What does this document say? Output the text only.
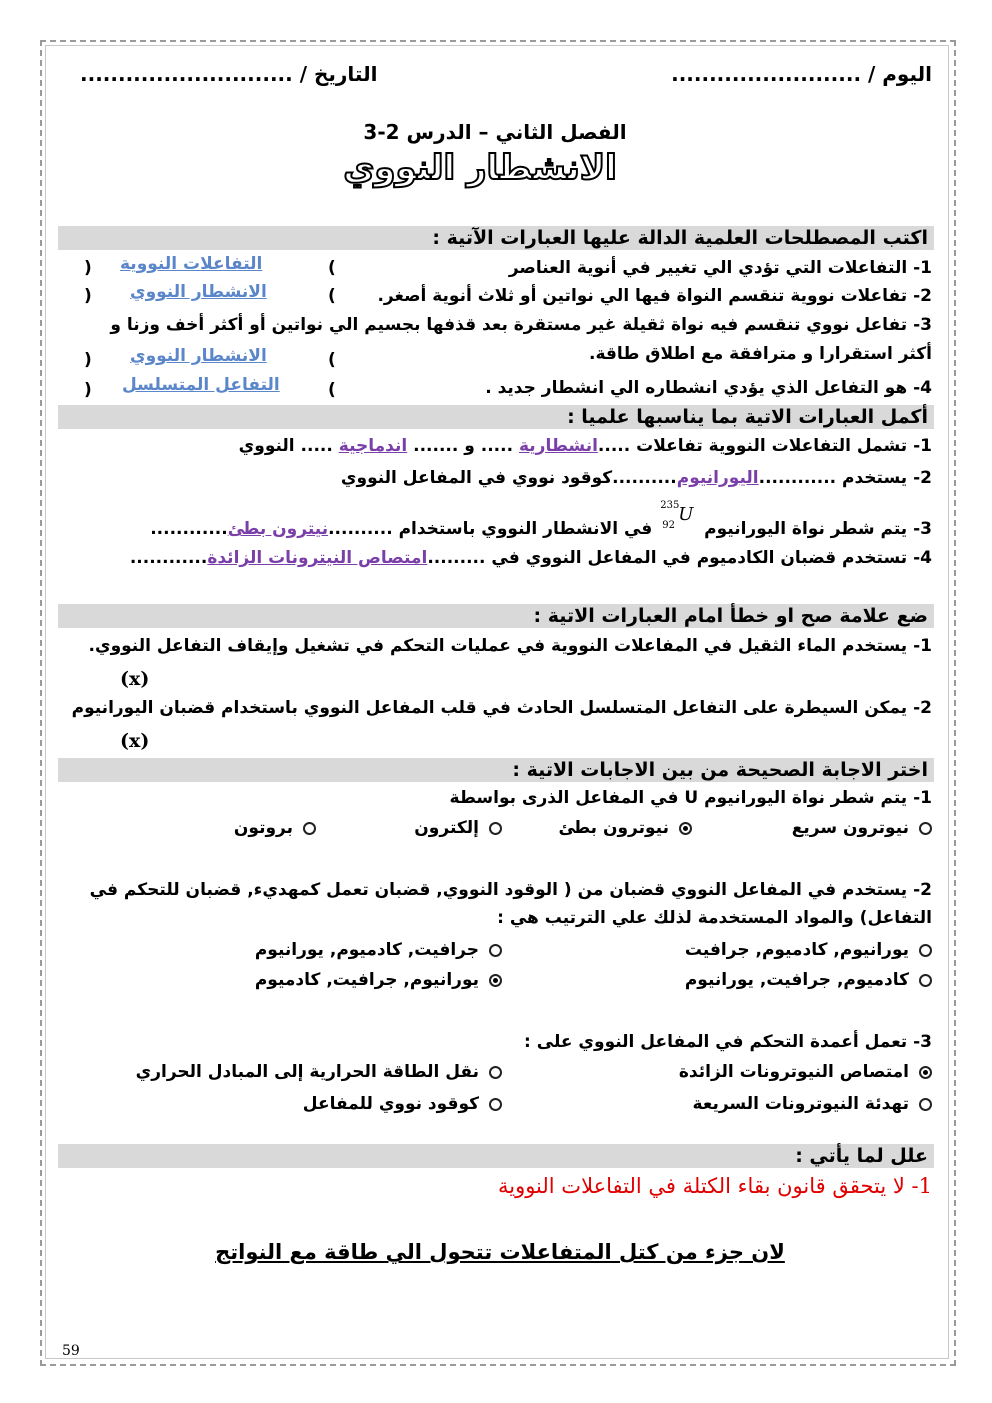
اليوم / .........................
التاريخ / ............................
الفصل الثاني – الدرس 2-3
الانشطار النووي
اكتب المصطلحات العلمية الدالة عليها العبارات الآتية :
1- التفاعلات التي تؤدي الي تغيير في أنوية العناصر
(
التفاعلات النووية
)
2- تفاعلات نووية تنقسم النواة فيها الي نواتين أو ثلاث أنوية أصغر.
(
الانشطار النووي
)
3- تفاعل نووي تنقسم فيه نواة ثقيلة غير مستقرة بعد قذفها بجسيم الي نواتين أو أكثر أخف وزنا و
أكثر استقرارا و مترافقة مع اطلاق طاقة.
(
الانشطار النووي
)
4- هو التفاعل الذي يؤدي انشطاره الي انشطار جديد .
(
التفاعل المتسلسل
)
أكمل العبارات الاتية بما يناسبها علميا :
1- تشمل التفاعلات النووية تفاعلات .....انشطارية ..... و ....... اندماجية ..... النووي
2- يستخدم ............اليورانيوم..........كوقود نووي في المفاعل النووي
3- يتم شطر نواة اليورانيوم
235
92
U
في الانشطار النووي باستخدام ..........نيترون بطئ............
4- تستخدم قضبان الكادميوم في المفاعل النووي في .........امتصاص النيترونات الزائدة............
ضع علامة صح او خطأ امام العبارات الاتية :
1- يستخدم الماء الثقيل في المفاعلات النووية في عمليات التحكم في تشغيل وإيقاف التفاعل النووي.
(x)
2- يمكن السيطرة على التفاعل المتسلسل الحادث في قلب المفاعل النووي باستخدام قضبان اليورانيوم
(x)
اختر الاجابة الصحيحة من بين الاجابات الاتية :
1- يتم شطر نواة اليورانيوم U في المفاعل الذرى بواسطة
نيوترون سريع
نيوترون بطئ
إلكترون
بروتون
2- يستخدم في المفاعل النووي قضبان من ( الوقود النووي, قضبان تعمل كمهديء, قضبان للتحكم في
التفاعل) والمواد المستخدمة لذلك علي الترتيب هي :
يورانيوم, كادميوم, جرافيت
جرافيت, كادميوم, يورانيوم
كادميوم, جرافيت, يورانيوم
يورانيوم, جرافيت, كادميوم
3- تعمل أعمدة التحكم في المفاعل النووي على :
امتصاص النيوترونات الزائدة
نقل الطاقة الحرارية إلى المبادل الحراري
تهدئة النيوترونات السريعة
كوقود نووي للمفاعل
علل لما يأتي :
1- لا يتحقق قانون بقاء الكتلة في التفاعلات النووية
لان جزء من كتل المتفاعلات تتحول الي طاقة مع النواتج
59
